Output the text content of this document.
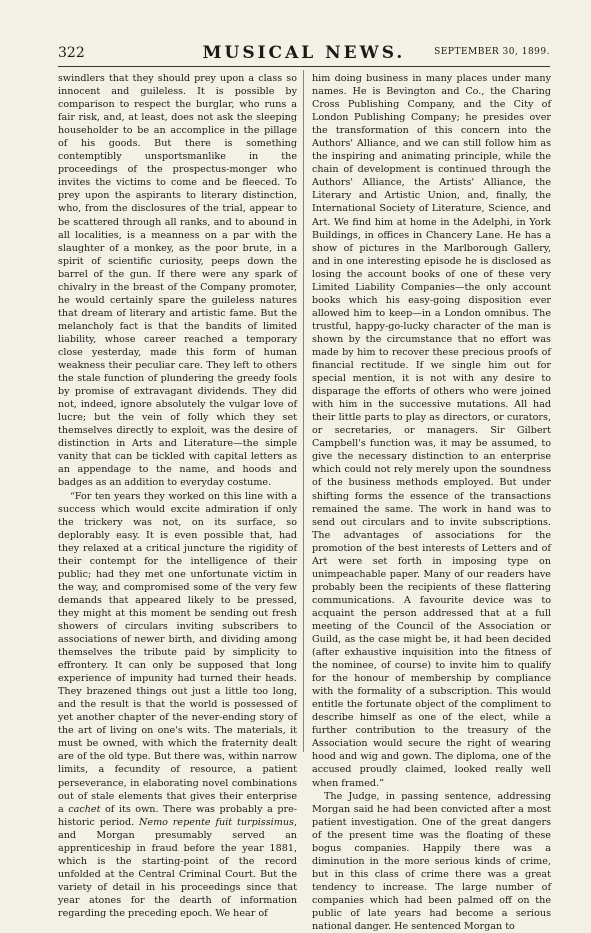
322	MUSICAL NEWS.	SEPTEMBER 30, 1899.

swindlers that they should prey upon a class so innocent and guileless. It is possible by comparison to respect the burglar, who runs a fair risk, and, at least, does not ask the sleeping householder to be an accomplice in the pillage of his goods. But there is something contemptibly unsportsmanlike in the proceedings of the prospectus-monger who invites the victims to come and be fleeced. To prey upon the aspirants to literary distinction, who, from the disclosures of the trial, appear to be scattered through all ranks, and to abound in all localities, is a meanness on a par with the slaughter of a monkey, as the poor brute, in a spirit of scientific curiosity, peeps down the barrel of the gun. If there were any spark of chivalry in the breast of the Company promoter, he would certainly spare the guileless natures that dream of literary and artistic fame. But the melancholy fact is that the bandits of limited liability, whose career reached a temporary close yesterday, made this form of human weakness their peculiar care. They left to others the stale function of plundering the greedy fools by promise of extravagant dividends. They did not, indeed, ignore absolutely the vulgar love of lucre; but the vein of folly which they set themselves directly to exploit, was the desire of distinction in Arts and Literature—the simple vanity that can be tickled with capital letters as an appendage to the name, and hoods and badges as an addition to everyday costume.

“For ten years they worked on this line with a success which would excite admiration if only the trickery was not, on its surface, so deplorably easy. It is even possible that, had they relaxed at a critical juncture the rigidity of their contempt for the intelligence of their public; had they met one unfortunate victim in the way, and compromised some of the very few demands that appeared likely to be pressed, they might at this moment be sending out fresh showers of circulars inviting subscribers to associations of newer birth, and dividing among themselves the tribute paid by simplicity to effrontery. It can only be supposed that long experience of impunity had turned their heads. They brazened things out just a little too long, and the result is that the world is possessed of yet another chapter of the never-ending story of the art of living on one's wits. The materials, it must be owned, with which the fraternity dealt are of the old type. But there was, within narrow limits, a fecundity of resource, a patient perseverance, in elaborating novel combinations out of stale elements that gives their enterprise a cachet of its own. There was probably a pre-historic period. Nemo repente fuit turpissimus, and Morgan presumably served an apprenticeship in fraud before the year 1881, which is the starting-point of the record unfolded at the Central Criminal Court. But the variety of detail in his proceedings since that year atones for the dearth of information regarding the preceding epoch. We hear of

him doing business in many places under many names. He is Bevington and Co., the Charing Cross Publishing Company, and the City of London Publishing Company; he presides over the transformation of this concern into the Authors' Alliance, and we can still follow him as the inspiring and animating principle, while the chain of development is continued through the Authors' Alliance, the Artists' Alliance, the Literary and Artistic Union, and, finally, the International Society of Literature, Science, and Art. We find him at home in the Adelphi, in York Buildings, in offices in Chancery Lane. He has a show of pictures in the Marlborough Gallery, and in one interesting episode he is disclosed as losing the account books of one of these very Limited Liability Companies—the only account books which his easy-going disposition ever allowed him to keep—in a London omnibus. The trustful, happy-go-lucky character of the man is shown by the circumstance that no effort was made by him to recover these precious proofs of financial rectitude. If we single him out for special mention, it is not with any desire to disparage the efforts of others who were joined with him in the successive mutations. All had their little parts to play as directors, or curators, or secretaries, or managers. Sir Gilbert Campbell's function was, it may be assumed, to give the necessary distinction to an enterprise which could not rely merely upon the soundness of the business methods employed. But under shifting forms the essence of the transactions remained the same. The work in hand was to send out circulars and to invite subscriptions. The advantages of associations for the promotion of the best interests of Letters and of Art were set forth in imposing type on unimpeachable paper. Many of our readers have probably been the recipients of these flattering communications. A favourite device was to acquaint the person addressed that at a full meeting of the Council of the Association or Guild, as the case might be, it had been decided (after exhaustive inquisition into the fitness of the nominee, of course) to invite him to qualify for the honour of membership by compliance with the formality of a subscription. This would entitle the fortunate object of the compliment to describe himself as one of the elect, while a further contribution to the treasury of the Association would secure the right of wearing hood and wig and gown. The diploma, one of the accused proudly claimed, looked really well when framed.”

The Judge, in passing sentence, addressing Morgan said he had been convicted after a most patient investigation. One of the great dangers of the present time was the floating of these bogus companies. Happily there was a diminution in the more serious kinds of crime, but in this class of crime there was a great tendency to increase. The large number of companies which had been palmed off on the public of late years had become a serious national danger. He sentenced Morgan to
